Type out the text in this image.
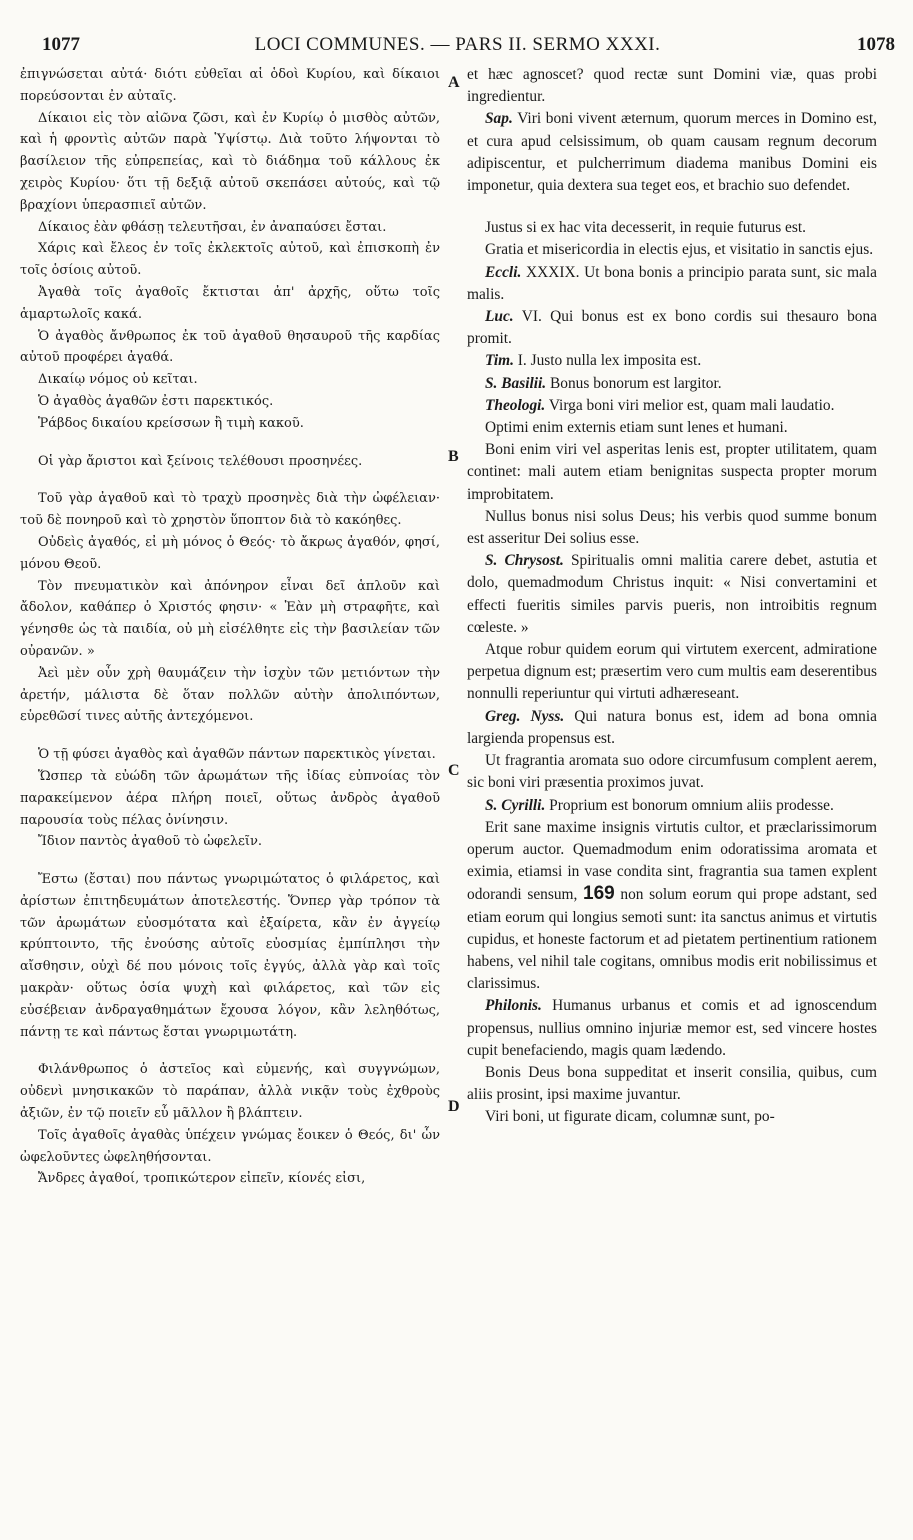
1077	LOCI COMMUNES. — PARS II. SERMO XXXI.	1078
A
B
C
D

ἐπιγνώσεται αὐτά· διότι εὐθεῖαι αἱ ὁδοὶ Κυρίου, καὶ δίκαιοι πορεύσονται ἐν αὐταῖς.

Δίκαιοι εἰς τὸν αἰῶνα ζῶσι, καὶ ἐν Κυρίῳ ὁ μισθὸς αὐτῶν, καὶ ἡ φροντὶς αὐτῶν παρὰ Ὑψίστῳ. Διὰ τοῦτο λήψονται τὸ βασίλειον τῆς εὐπρεπείας, καὶ τὸ διάδημα τοῦ κάλλους ἐκ χειρὸς Κυρίου· ὅτι τῇ δεξιᾷ αὐτοῦ σκεπάσει αὐτούς, καὶ τῷ βραχίονι ὑπερασπιεῖ αὐτῶν.

Δίκαιος ἐὰν φθάσῃ τελευτῆσαι, ἐν ἀναπαύσει ἔσται.

Χάρις καὶ ἔλεος ἐν τοῖς ἐκλεκτοῖς αὐτοῦ, καὶ ἐπισκοπὴ ἐν τοῖς ὁσίοις αὐτοῦ.

Ἀγαθὰ τοῖς ἀγαθοῖς ἔκτισται ἀπ' ἀρχῆς, οὕτω τοῖς ἁμαρτωλοῖς κακά.

Ὁ ἀγαθὸς ἄνθρωπος ἐκ τοῦ ἀγαθοῦ θησαυροῦ τῆς καρδίας αὐτοῦ προφέρει ἀγαθά.

Δικαίῳ νόμος οὐ κεῖται.

Ὁ ἀγαθὸς ἀγαθῶν ἐστι παρεκτικός.

Ῥάβδος δικαίου κρείσσων ἢ τιμὴ κακοῦ.

Οἱ γὰρ ἄριστοι καὶ ξείνοις τελέθουσι προσηνέες.

Τοῦ γὰρ ἀγαθοῦ καὶ τὸ τραχὺ προσηνὲς διὰ τὴν ὠφέλειαν· τοῦ δὲ πονηροῦ καὶ τὸ χρηστὸν ὕποπτον διὰ τὸ κακόηθες.

Οὐδεὶς ἀγαθός, εἰ μὴ μόνος ὁ Θεός· τὸ ἄκρως ἀγαθόν, φησί, μόνου Θεοῦ.

Τὸν πνευματικὸν καὶ ἀπόνηρον εἶναι δεῖ ἁπλοῦν καὶ ἄδολον, καθάπερ ὁ Χριστός φησιν· « Ἐὰν μὴ στραφῆτε, καὶ γένησθε ὡς τὰ παιδία, οὐ μὴ εἰσέλθητε εἰς τὴν βασιλείαν τῶν οὐρανῶν. »

Ἀεὶ μὲν οὖν χρὴ θαυμάζειν τὴν ἰσχὺν τῶν μετιόντων τὴν ἀρετήν, μάλιστα δὲ ὅταν πολλῶν αὐτὴν ἀπολιπόντων, εὑρεθῶσί τινες αὐτῆς ἀντεχόμενοι.

Ὁ τῇ φύσει ἀγαθὸς καὶ ἀγαθῶν πάντων παρεκτικὸς γίνεται.

Ὥσπερ τὰ εὐώδη τῶν ἀρωμάτων τῆς ἰδίας εὐπνοίας τὸν παρακείμενον ἀέρα πλήρη ποιεῖ, οὕτως ἀνδρὸς ἀγαθοῦ παρουσία τοὺς πέλας ὀνίνησιν.

Ἴδιον παντὸς ἀγαθοῦ τὸ ὠφελεῖν.

Ἔστω (ἔσται) που πάντως γνωριμώτατος ὁ φιλάρετος, καὶ ἀρίστων ἐπιτηδευμάτων ἀποτελεστής. Ὅνπερ γὰρ τρόπον τὰ τῶν ἀρωμάτων εὐοσμότατα καὶ ἐξαίρετα, κἂν ἐν ἀγγείῳ κρύπτοιντο, τῆς ἐνούσης αὐτοῖς εὐοσμίας ἐμπίπλησι τὴν αἴσθησιν, οὐχὶ δέ που μόνοις τοῖς ἐγγύς, ἀλλὰ γὰρ καὶ τοῖς μακρὰν· οὕτως ὁσία ψυχὴ καὶ φιλάρετος, καὶ τῶν εἰς εὐσέβειαν ἀνδραγαθημάτων ἔχουσα λόγον, κἂν λεληθότως, πάντῃ τε καὶ πάντως ἔσται γνωριμωτάτη.

Φιλάνθρωπος ὁ ἀστεῖος καὶ εὐμενής, καὶ συγγνώμων, οὐδενὶ μνησικακῶν τὸ παράπαν, ἀλλὰ νικᾷν τοὺς ἐχθροὺς ἀξιῶν, ἐν τῷ ποιεῖν εὖ μᾶλλον ἢ βλάπτειν.

Τοῖς ἀγαθοῖς ἀγαθὰς ὑπέχειν γνώμας ἔοικεν ὁ Θεός, δι' ὧν ὠφελοῦντες ὠφεληθήσονται.

Ἄνδρες ἀγαθοί, τροπικώτερον εἰπεῖν, κίονές εἰσι,

et hæc agnoscet? quod rectæ sunt Domini viæ, quas probi ingredientur.

Sap. Viri boni vivent æternum, quorum merces in Domino est, et cura apud celsissimum, ob quam causam regnum decorum adipiscentur, et pulcherrimum diadema manibus Domini eis imponetur, quia dextera sua teget eos, et brachio suo defendet.

Justus si ex hac vita decesserit, in requie futurus est.

Gratia et misericordia in electis ejus, et visitatio in sanctis ejus.

Eccli. XXXIX. Ut bona bonis a principio parata sunt, sic mala malis.

Luc. VI. Qui bonus est ex bono cordis sui thesauro bona promit.

Tim. I. Justo nulla lex imposita est.

S. Basilii. Bonus bonorum est largitor.

Theologi. Virga boni viri melior est, quam mali laudatio.

Optimi enim externis etiam sunt lenes et humani.

Boni enim viri vel asperitas lenis est, propter utilitatem, quam continet: mali autem etiam benignitas suspecta propter morum improbitatem.

Nullus bonus nisi solus Deus; his verbis quod summe bonum est asseritur Dei solius esse.

S. Chrysost. Spiritualis omni malitia carere debet, astutia et dolo, quemadmodum Christus inquit: « Nisi convertamini et effecti fueritis similes parvis pueris, non introibitis regnum cœleste. »

Atque robur quidem eorum qui virtutem exercent, admiratione perpetua dignum est; præsertim vero cum multis eam deserentibus nonnulli reperiuntur qui virtuti adhæreseant.

Greg. Nyss. Qui natura bonus est, idem ad bona omnia largienda propensus est.

Ut fragrantia aromata suo odore circumfusum complent aerem, sic boni viri præsentia proximos juvat.

S. Cyrilli. Proprium est bonorum omnium aliis prodesse.

Erit sane maxime insignis virtutis cultor, et præclarissimorum operum auctor. Quemadmodum enim odoratissima aromata et eximia, etiamsi in vase condita sint, fragrantia sua tamen explent odorandi sensum, 169 non solum eorum qui prope adstant, sed etiam eorum qui longius semoti sunt: ita sanctus animus et virtutis cupidus, et honeste factorum et ad pietatem pertinentium rationem habens, vel nihil tale cogitans, omnibus modis erit nobilissimus et clarissimus.

Philonis. Humanus urbanus et comis et ad ignoscendum propensus, nullius omnino injuriæ memor est, sed vincere hostes cupit benefaciendo, magis quam lædendo.

Bonis Deus bona suppeditat et inserit consilia, quibus, cum aliis prosint, ipsi maxime juvantur.

Viri boni, ut figurate dicam, columnæ sunt, po-
